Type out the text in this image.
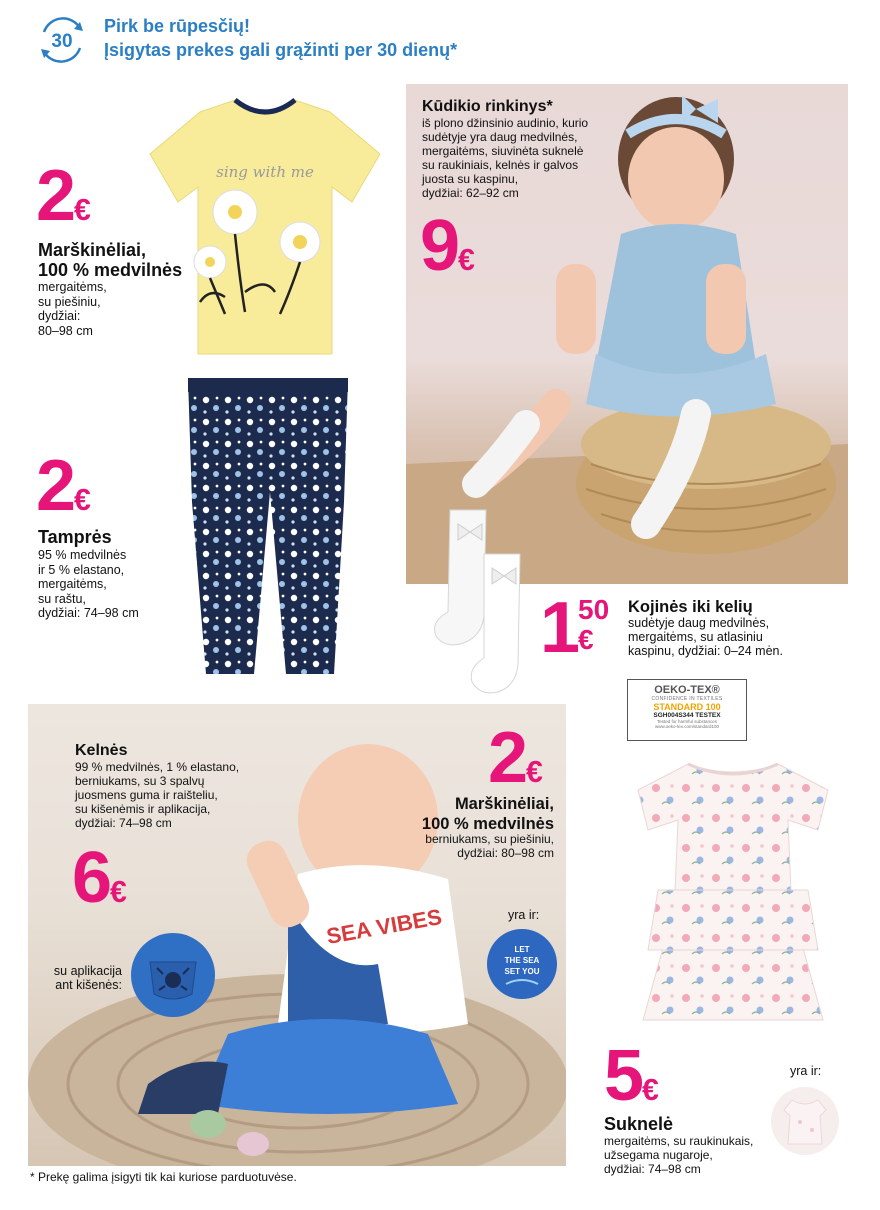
30
Pirk be rūpesčių!
Įsigytas prekes gali grąžinti per 30 dienų*
2€
Marškinėliai,
100 % medvilnės
mergaitėms,
su piešiniu,
dydžiai:
80–98 cm
sing with me
2€
Tamprės
95 % medvilnės
ir 5 % elastano,
mergaitėms,
su raštu,
dydžiai: 74–98 cm
Kūdikio rinkinys*
iš plono džinsinio audinio, kurio
sudėtyje yra daug medvilnės,
mergaitėms, siuvinėta suknelė
su raukiniais, kelnės ir galvos
juosta su kaspinu,
dydžiai: 62–92 cm
9€
1 50
€
Kojinės iki kelių
sudėtyje daug medvilnės,
mergaitėms, su atlasiniu
kaspinu, dydžiai: 0–24 mėn.
SEA VIBES
Kelnės
99 % medvilnės, 1 % elastano,
berniukams, su 3 spalvų
juosmens guma ir raišteliu,
su kišenėmis ir aplikacija,
dydžiai: 74–98 cm
6€
su aplikacija
ant kišenės:
2€
Marškinėliai,
100 % medvilnės
berniukams, su piešiniu,
dydžiai: 80–98 cm
yra ir:
LET
THE SEA
SET YOU
OEKO-TEX®
CONFIDENCE IN TEXTILES
STANDARD 100
SGH004S344 TESTEX
Tested for harmful substances
www.oeko-tex.com/standard100
5€
Suknelė
mergaitėms, su raukinukais,
užsegama nugaroje,
dydžiai: 74–98 cm
yra ir:
* Prekę galima įsigyti tik kai kuriose parduotuvėse.
